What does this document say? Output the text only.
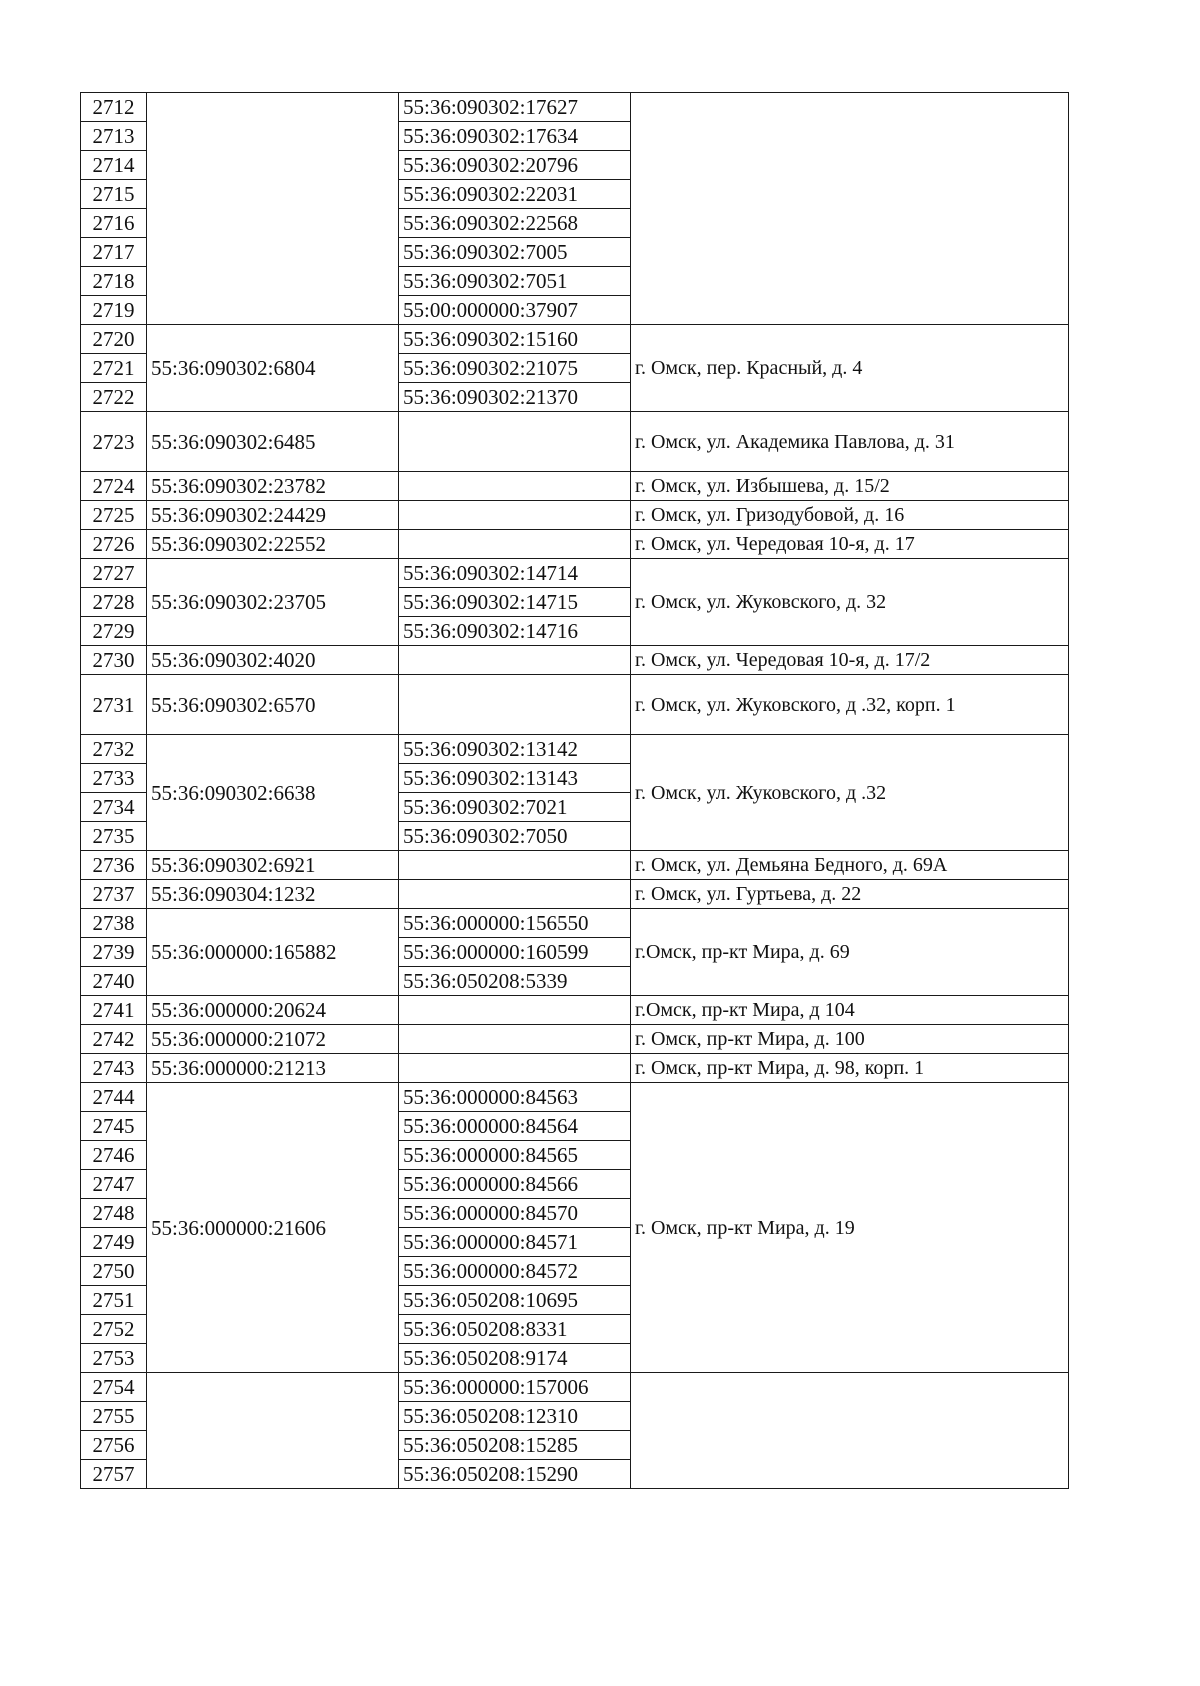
2712		55:36:090302:17627	
2713		55:36:090302:17634	
2714		55:36:090302:20796	
2715		55:36:090302:22031	
2716		55:36:090302:22568	
2717		55:36:090302:7005	
2718		55:36:090302:7051	
2719		55:00:000000:37907	
2720	55:36:090302:6804	55:36:090302:15160	г. Омск, пер. Красный, д. 4
2721		55:36:090302:21075	
2722		55:36:090302:21370	
2723	55:36:090302:6485		г. Омск, ул. Академика Павлова, д. 31
2724	55:36:090302:23782		г. Омск, ул. Избышева, д. 15/2
2725	55:36:090302:24429		г. Омск, ул. Гризодубовой, д. 16
2726	55:36:090302:22552		г. Омск, ул. Чередовая 10-я, д. 17
2727	55:36:090302:23705	55:36:090302:14714	г. Омск, ул. Жуковского, д. 32
2728		55:36:090302:14715	
2729		55:36:090302:14716	
2730	55:36:090302:4020		г. Омск, ул. Чередовая 10-я, д. 17/2
2731	55:36:090302:6570		г. Омск, ул. Жуковского, д .32, корп. 1
2732	55:36:090302:6638	55:36:090302:13142	г. Омск, ул. Жуковского, д .32
2733		55:36:090302:13143	
2734		55:36:090302:7021	
2735		55:36:090302:7050	
2736	55:36:090302:6921		г. Омск, ул. Демьяна Бедного, д. 69А
2737	55:36:090304:1232		г. Омск, ул. Гуртьева, д. 22
2738	55:36:000000:165882	55:36:000000:156550	г.Омск, пр-кт Мира, д. 69
2739		55:36:000000:160599	
2740		55:36:050208:5339	
2741	55:36:000000:20624		г.Омск, пр-кт Мира, д 104
2742	55:36:000000:21072		г. Омск, пр-кт Мира, д. 100
2743	55:36:000000:21213		г. Омск, пр-кт Мира, д. 98, корп. 1
2744	55:36:000000:21606	55:36:000000:84563	г. Омск, пр-кт Мира, д. 19
2745		55:36:000000:84564	
2746		55:36:000000:84565	
2747		55:36:000000:84566	
2748		55:36:000000:84570	
2749		55:36:000000:84571	
2750		55:36:000000:84572	
2751		55:36:050208:10695	
2752		55:36:050208:8331	
2753		55:36:050208:9174	
2754		55:36:000000:157006	
2755		55:36:050208:12310	
2756		55:36:050208:15285	
2757		55:36:050208:15290	
